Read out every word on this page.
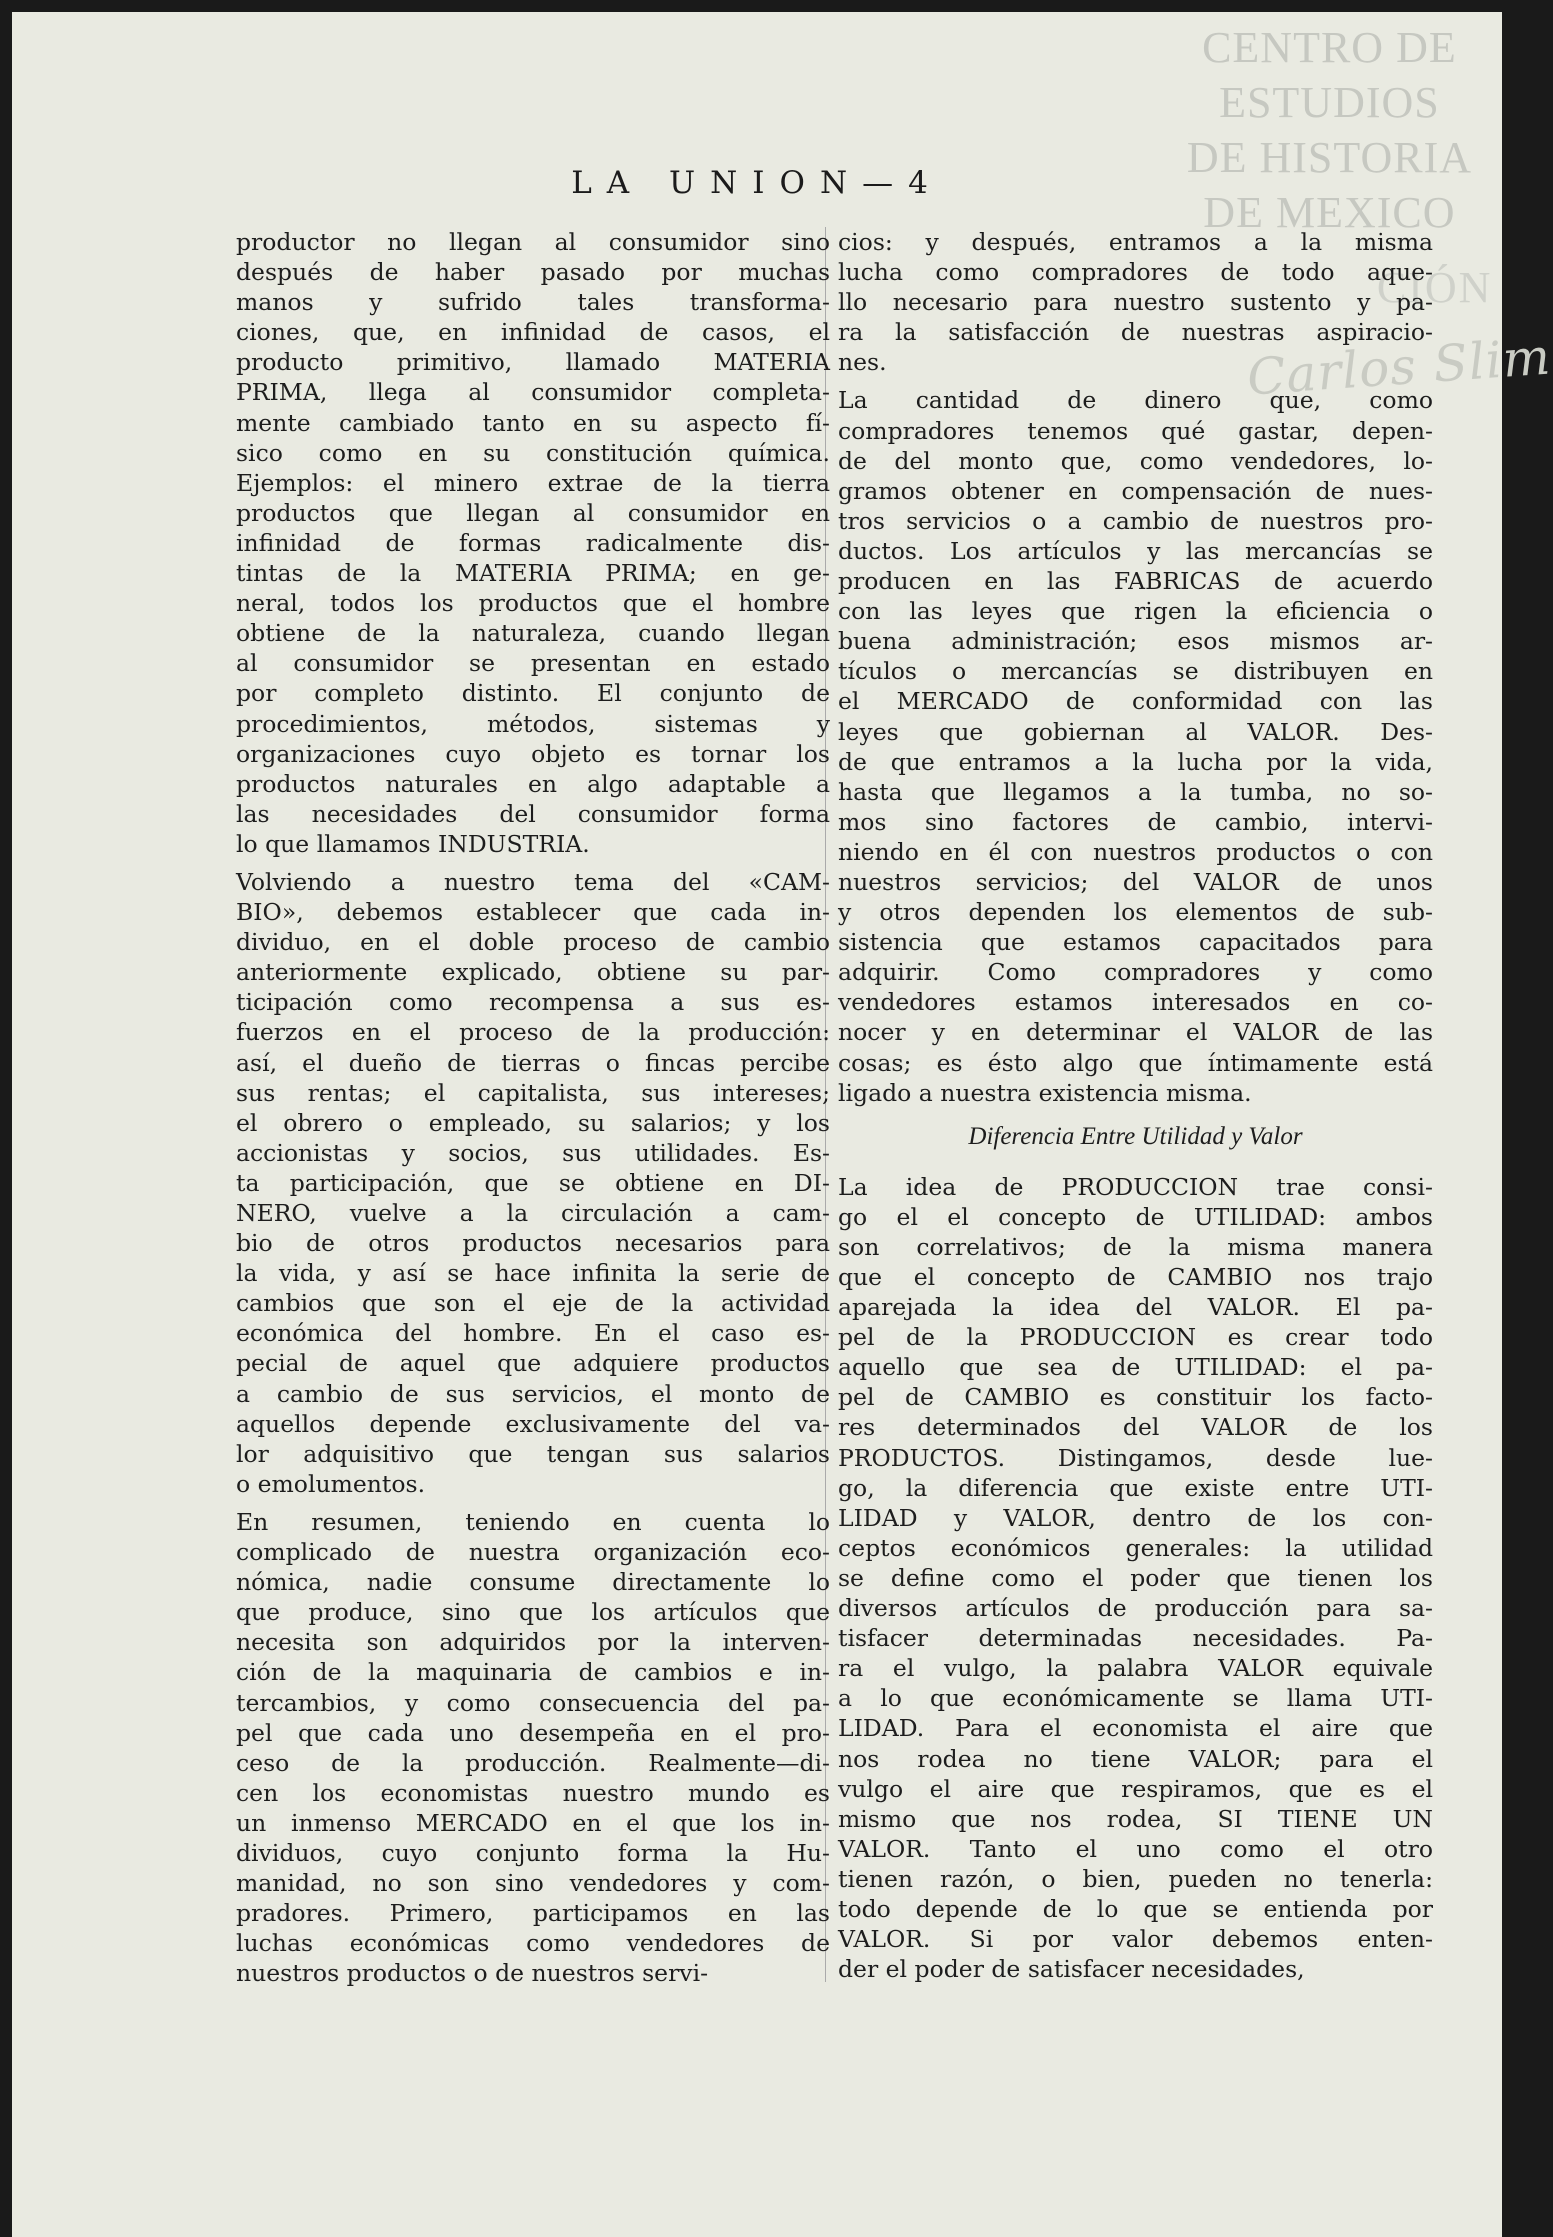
CENTRO DE
ESTUDIOS
DE HISTORIA
DE MEXICO
CIÓN
Carlos Slim
LA UNION—4
productor no llegan al consumidor sino
después de haber pasado por muchas
manos y sufrido tales transforma-
ciones, que, en infinidad de casos, el
producto primitivo, llamado MATERIA
PRIMA, llega al consumidor completa-
mente cambiado tanto en su aspecto fí-
sico como en su constitución química.
Ejemplos: el minero extrae de la tierra
productos que llegan al consumidor en
infinidad de formas radicalmente dis-
tintas de la MATERIA PRIMA; en ge-
neral, todos los productos que el hombre
obtiene de la naturaleza, cuando llegan
al consumidor se presentan en estado
por completo distinto. El conjunto de
procedimientos, métodos, sistemas y
organizaciones cuyo objeto es tornar los
productos naturales en algo adaptable a
las necesidades del consumidor forma
lo que llamamos INDUSTRIA.
Volviendo a nuestro tema del «CAM-
BIO», debemos establecer que cada in-
dividuo, en el doble proceso de cambio
anteriormente explicado, obtiene su par-
ticipación como recompensa a sus es-
fuerzos en el proceso de la producción:
así, el dueño de tierras o fincas percibe
sus rentas; el capitalista, sus intereses;
el obrero o empleado, su salarios; y los
accionistas y socios, sus utilidades. Es-
ta participación, que se obtiene en DI-
NERO, vuelve a la circulación a cam-
bio de otros productos necesarios para
la vida, y así se hace infinita la serie de
cambios que son el eje de la actividad
económica del hombre. En el caso es-
pecial de aquel que adquiere productos
a cambio de sus servicios, el monto de
aquellos depende exclusivamente del va-
lor adquisitivo que tengan sus salarios
o emolumentos.
En resumen, teniendo en cuenta lo
complicado de nuestra organización eco-
nómica, nadie consume directamente lo
que produce, sino que los artículos que
necesita son adquiridos por la interven-
ción de la maquinaria de cambios e in-
tercambios, y como consecuencia del pa-
pel que cada uno desempeña en el pro-
ceso de la producción. Realmente—di-
cen los economistas nuestro mundo es
un inmenso MERCADO en el que los in-
dividuos, cuyo conjunto forma la Hu-
manidad, no son sino vendedores y com-
pradores. Primero, participamos en las
luchas económicas como vendedores de
nuestros productos o de nuestros servi-
cios: y después, entramos a la misma
lucha como compradores de todo aque-
llo necesario para nuestro sustento y pa-
ra la satisfacción de nuestras aspiracio-
nes.
La cantidad de dinero que, como
compradores tenemos qué gastar, depen-
de del monto que, como vendedores, lo-
gramos obtener en compensación de nues-
tros servicios o a cambio de nuestros pro-
ductos. Los artículos y las mercancías se
producen en las FABRICAS de acuerdo
con las leyes que rigen la eficiencia o
buena administración; esos mismos ar-
tículos o mercancías se distribuyen en
el MERCADO de conformidad con las
leyes que gobiernan al VALOR. Des-
de que entramos a la lucha por la vida,
hasta que llegamos a la tumba, no so-
mos sino factores de cambio, intervi-
niendo en él con nuestros productos o con
nuestros servicios; del VALOR de unos
y otros dependen los elementos de sub-
sistencia que estamos capacitados para
adquirir. Como compradores y como
vendedores estamos interesados en co-
nocer y en determinar el VALOR de las
cosas; es ésto algo que íntimamente está
ligado a nuestra existencia misma.
Diferencia Entre Utilidad y Valor
La idea de PRODUCCION trae consi-
go el el concepto de UTILIDAD: ambos
son correlativos; de la misma manera
que el concepto de CAMBIO nos trajo
aparejada la idea del VALOR. El pa-
pel de la PRODUCCION es crear todo
aquello que sea de UTILIDAD: el pa-
pel de CAMBIO es constituir los facto-
res determinados del VALOR de los
PRODUCTOS. Distingamos, desde lue-
go, la diferencia que existe entre UTI-
LIDAD y VALOR, dentro de los con-
ceptos económicos generales: la utilidad
se define como el poder que tienen los
diversos artículos de producción para sa-
tisfacer determinadas necesidades. Pa-
ra el vulgo, la palabra VALOR equivale
a lo que económicamente se llama UTI-
LIDAD. Para el economista el aire que
nos rodea no tiene VALOR; para el
vulgo el aire que respiramos, que es el
mismo que nos rodea, SI TIENE UN
VALOR. Tanto el uno como el otro
tienen razón, o bien, pueden no tenerla:
todo depende de lo que se entienda por
VALOR. Si por valor debemos enten-
der el poder de satisfacer necesidades,
